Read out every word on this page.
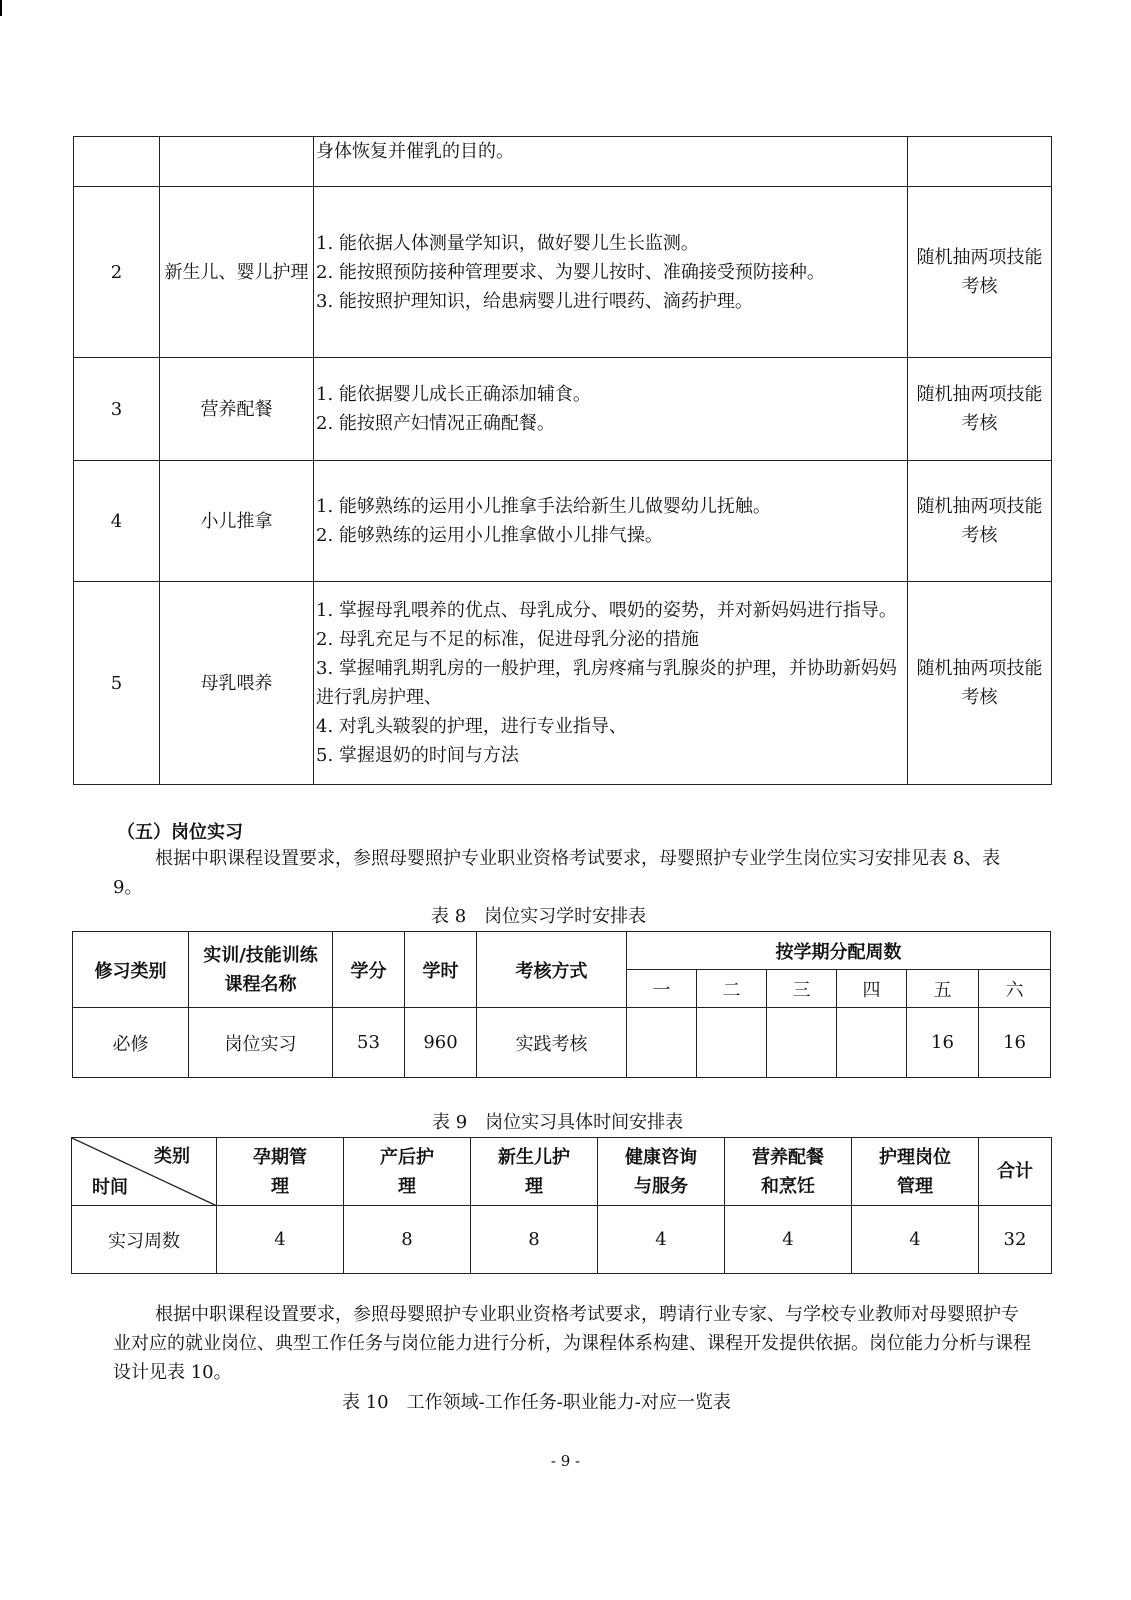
		身体恢复并催乳的目的。	

2	新生儿、婴儿护理	1. 能依据人体测量学知识，做好婴儿生长监测。
2. 能按照预防接种管理要求、为婴儿按时、准确接受预防接种。
3. 能按照护理知识，给患病婴儿进行喂药、滴药护理。	随机抽两项技能考核
3	营养配餐	1. 能依据婴儿成长正确添加辅食。
2. 能按照产妇情况正确配餐。	随机抽两项技能考核
4	小儿推拿	1. 能够熟练的运用小儿推拿手法给新生儿做婴幼儿抚触。
2. 能够熟练的运用小儿推拿做小儿排气操。	随机抽两项技能考核
5	母乳喂养	1. 掌握母乳喂养的优点、母乳成分、喂奶的姿势，并对新妈妈进行指导。
2. 母乳充足与不足的标准，促进母乳分泌的措施
3. 掌握哺乳期乳房的一般护理，乳房疼痛与乳腺炎的护理，并协助新妈妈进行乳房护理、
4. 对乳头皲裂的护理，进行专业指导、
5. 掌握退奶的时间与方法	随机抽两项技能考核
（五）岗位实习
根据中职课程设置要求，参照母婴照护专业职业资格考试要求，母婴照护专业学生岗位实习安排见表 8、表 9。
表 8　岗位实习学时安排表
修习类别	实训/技能训练课程名称	学分	学时	考核方式	按学期分配周数					
					一	二	三	四	五	六
必修	岗位实习	53	960	实践考核					16	16
表 9　岗位实习具体时间安排表
类别
时间	孕期管理	产后护理	新生儿护理	健康咨询与服务	营养配餐和烹饪	护理岗位管理	合计
实习周数	4	8	8	4	4	4	32
根据中职课程设置要求，参照母婴照护专业职业资格考试要求，聘请行业专家、与学校专业教师对母婴照护专业对应的就业岗位、典型工作任务与岗位能力进行分析，为课程体系构建、课程开发提供依据。岗位能力分析与课程设计见表 10。
表 10　工作领域-工作任务-职业能力-对应一览表
- 9 -
